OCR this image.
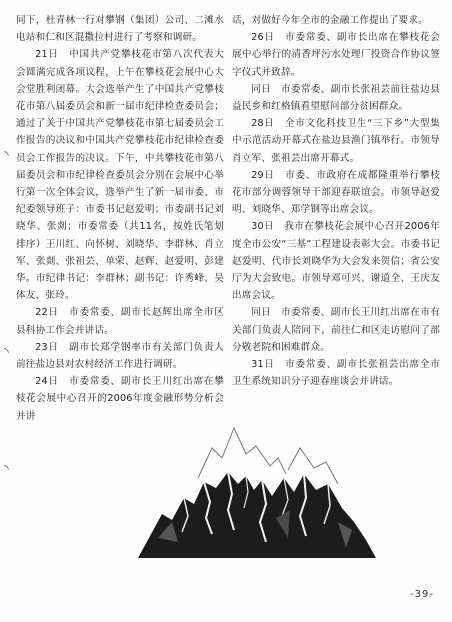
◝
◝
◝

同下，杜青林一行对攀钢（集团）公司、二滩水电站和仁和区混撒拉村进行了考察和调研。

21日　中国共产党攀枝花市第八次代表大会圆满完成各项议程，上午在攀枝花会展中心大会堂胜利闭幕。大会选举产生了中国共产党攀枝花市第八届委员会和新一届市纪律检查委员会；通过了关于中国共产党攀枝花市第七届委员会工作报告的决议和中国共产党攀枝花市纪律检查委员会工作报告的决议。下午，中共攀枝花市第八届委员会和市纪律检查委员会分别在会展中心举行第一次全体会议，选举产生了新一届市委、市纪委领导班子：市委书记赵爱明；市委副书记刘晓华、张剡；市委常委（共11名，按姓氏笔划排序）王川红、向怀树、刘晓华、李群林、肖立军、张剡、张祖芸、单荣、赵辉、赵爱明、彭建华。市纪律书记：李群林；副书记：许秀峰、吴体友、张玲。

22日　市委常委、副市长赵辉出席全市区县科协工作会并讲话。

23日　副市长郑学钢率市有关部门负责人前往盐边县对农村经济工作进行调研。

24日　市委常委、副市长王川红出席在攀枝花会展中心召开的2006年度金融形势分析会并讲

话，对做好今年全市的金融工作提出了要求。

26日　市委常委、副市长出席在攀枝花会展中心举行的清香坪污水处理厂投资合作协议签字仪式并致辞。

同日　市委常委、副市长张祖芸前往盐边县益民乡和红格镇看望慰问部分贫困群众。

28日　全市文化科技卫生“三下乡”大型集中示范活动开幕式在盐边县渔门镇举行。市领导肖立军、张祖芸出席开幕式。

29日　市委、市政府在成都隆重举行攀枝花市部分调蓉领导干部迎春联谊会。市领导赵爱明、刘晓华、郑学钢等出席会议。

30日　我市在攀枝花会展中心召开2006年度全市公安“三基”工程建设表彰大会。市委书记赵爱明、代市长刘晓华为大会发来贺信；省公安厅为大会致电。市领导邓可兴、谢道全、王庆友出席会议。

同日　市委常委、副市长王川红出席在市有关部门负责人陪同下，前往仁和区走访慰问了部分敬老院和困难群众。

31日　市委常委、副市长张祖芸出席全市卫生系统知识分子迎春座谈会并讲话。

-39-
